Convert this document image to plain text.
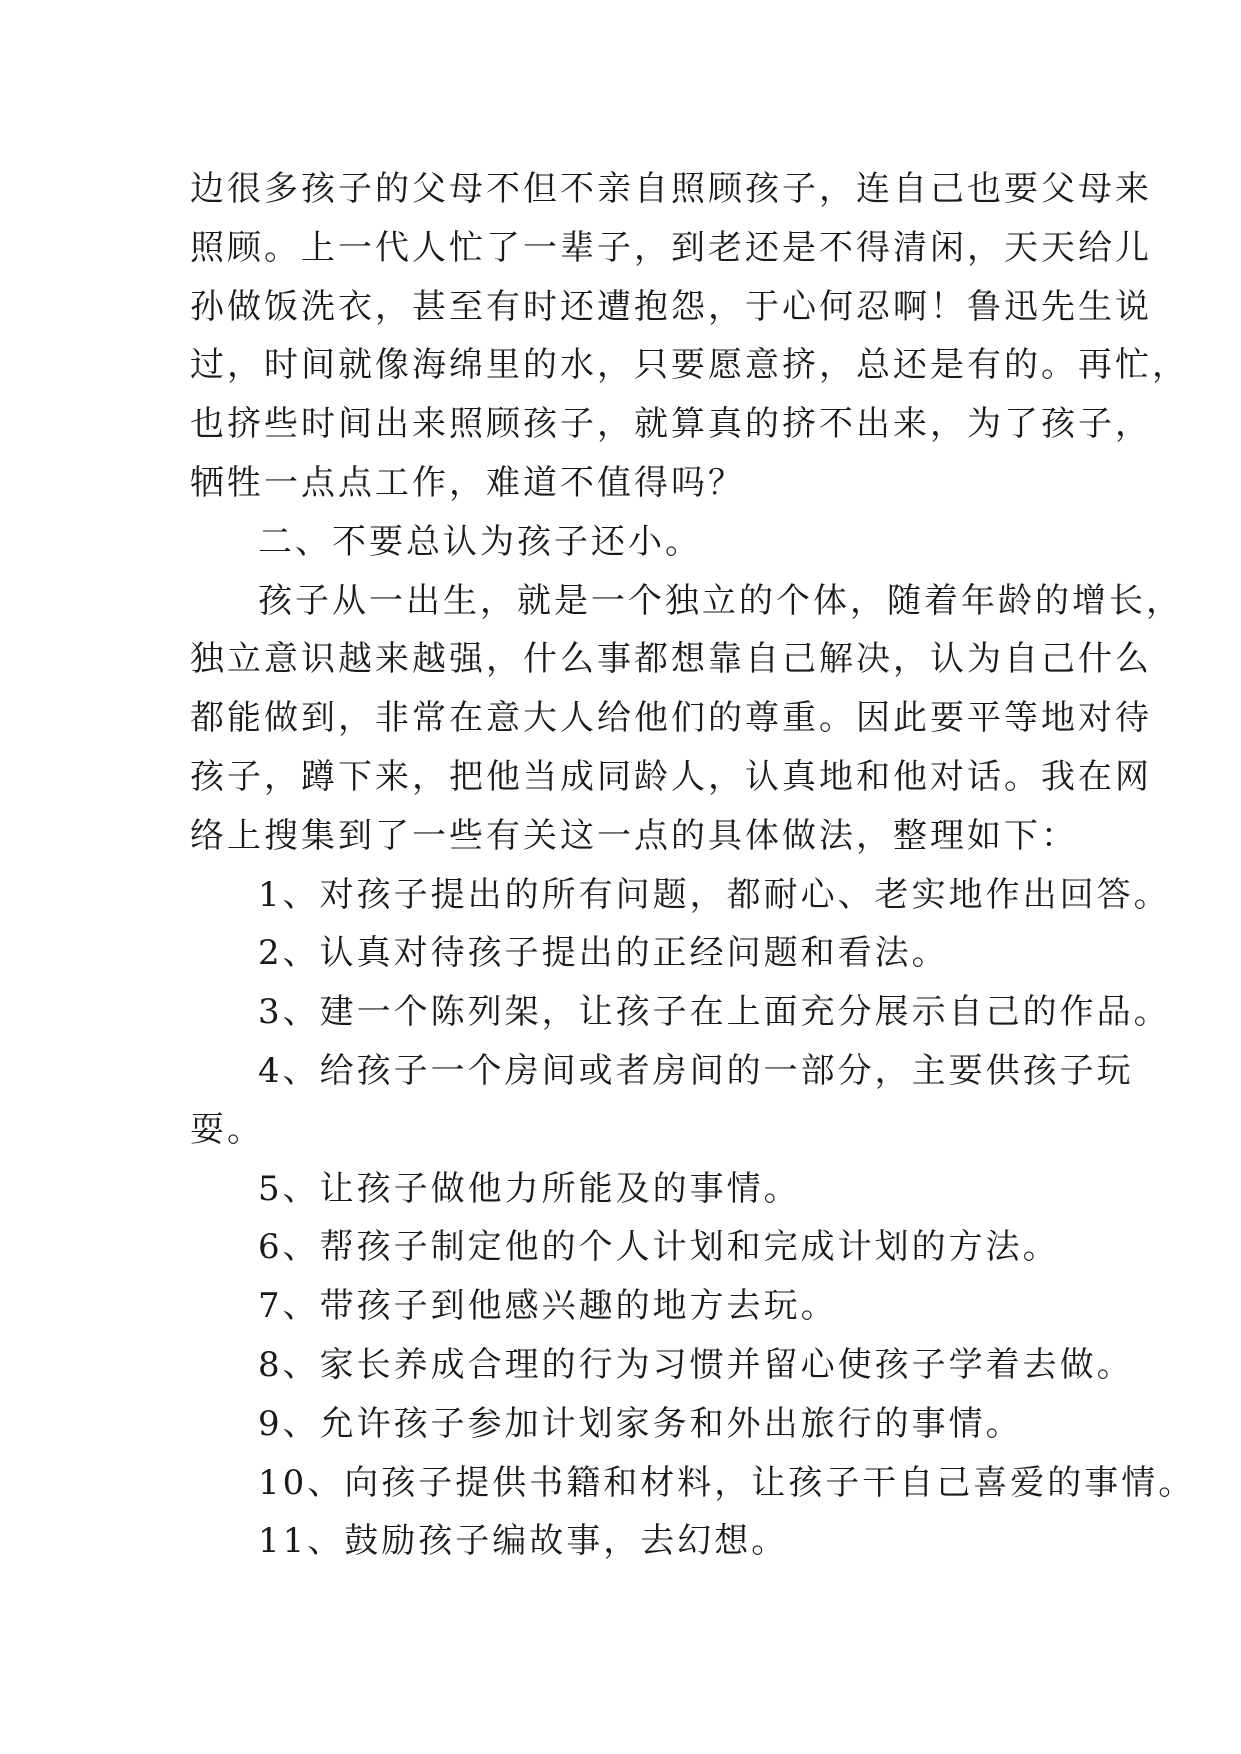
边很多孩子的父母不但不亲自照顾孩子，连自己也要父母来
照顾。上一代人忙了一辈子，到老还是不得清闲，天天给儿
孙做饭洗衣，甚至有时还遭抱怨，于心何忍啊！鲁迅先生说
过，时间就像海绵里的水，只要愿意挤，总还是有的。再忙，
也挤些时间出来照顾孩子，就算真的挤不出来，为了孩子，
牺牲一点点工作，难道不值得吗？
二、不要总认为孩子还小。
孩子从一出生，就是一个独立的个体，随着年龄的增长，
独立意识越来越强，什么事都想靠自己解决，认为自己什么
都能做到，非常在意大人给他们的尊重。因此要平等地对待
孩子，蹲下来，把他当成同龄人，认真地和他对话。我在网
络上搜集到了一些有关这一点的具体做法，整理如下：
1、对孩子提出的所有问题，都耐心、老实地作出回答。
2、认真对待孩子提出的正经问题和看法。
3、建一个陈列架，让孩子在上面充分展示自己的作品。
4、给孩子一个房间或者房间的一部分，主要供孩子玩
耍。
5、让孩子做他力所能及的事情。
6、帮孩子制定他的个人计划和完成计划的方法。
7、带孩子到他感兴趣的地方去玩。
8、家长养成合理的行为习惯并留心使孩子学着去做。
9、允许孩子参加计划家务和外出旅行的事情。
10、向孩子提供书籍和材料，让孩子干自己喜爱的事情。
11、鼓励孩子编故事，去幻想。
